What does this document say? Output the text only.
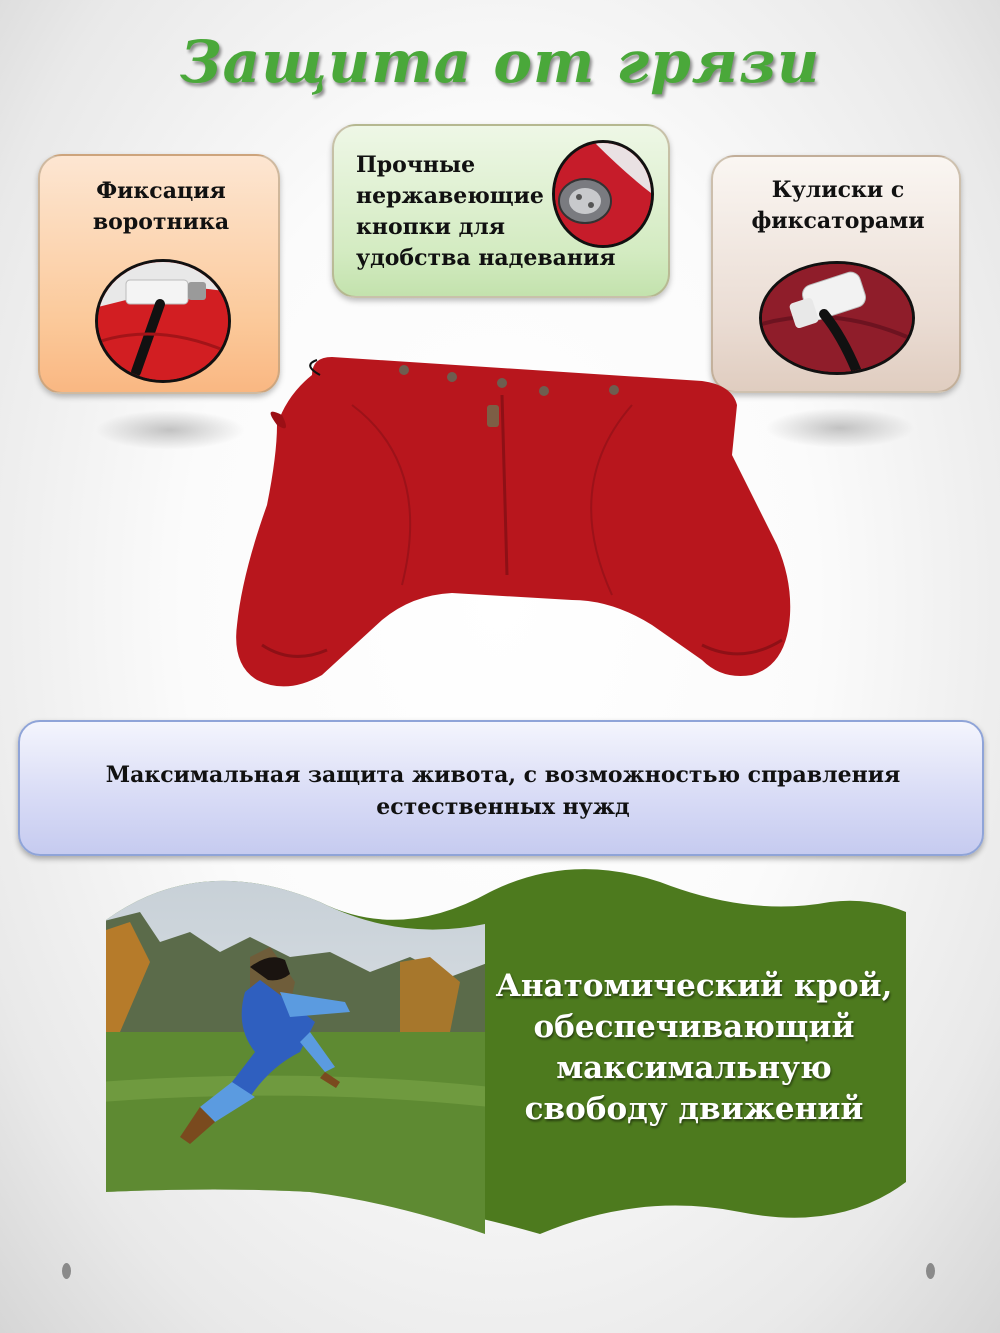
Защита от грязи
Фиксация воротника
Прочные
нержавеющие
кнопки для
удобства надевания
Кулиски с фиксаторами
Максимальная защита живота, с возможностью справления естественных нужд
Анатомический крой, обеспечивающий максимальную свободу движений
